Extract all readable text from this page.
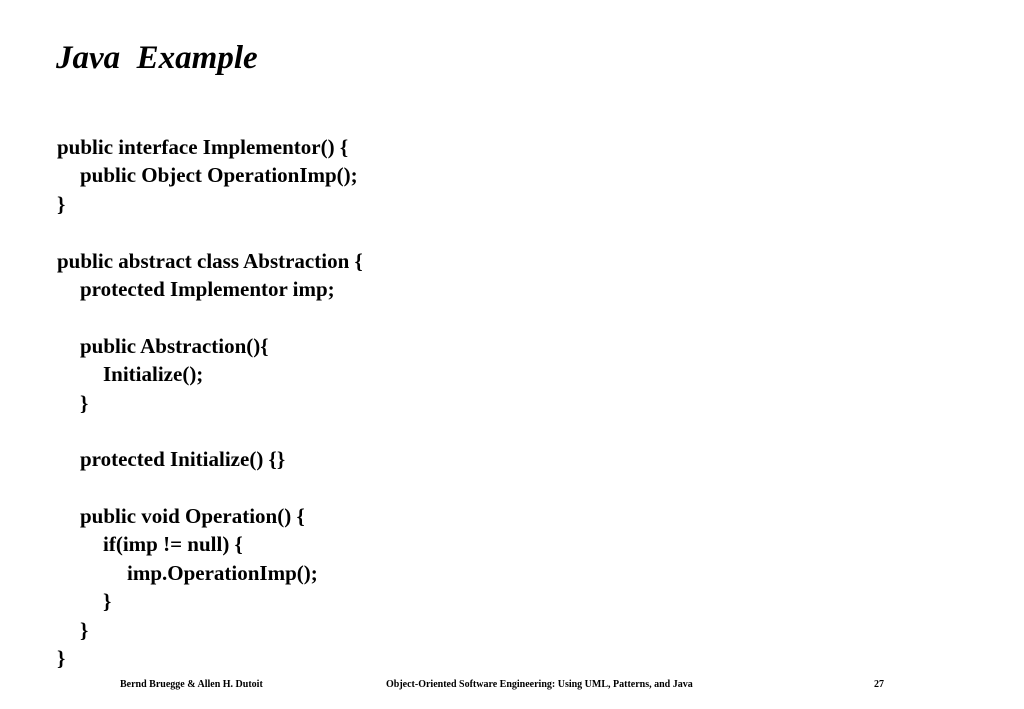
Java  Example
public interface Implementor() {
public Object OperationImp();
}
public abstract class Abstraction {
protected Implementor imp;
public Abstraction(){
Initialize();
}
protected Initialize() {}
public void Operation() {
if(imp != null) {
imp.OperationImp();
}
}
}
Bernd Bruegge & Allen H. Dutoit	Object-Oriented Software Engineering: Using UML, Patterns, and Java	27
